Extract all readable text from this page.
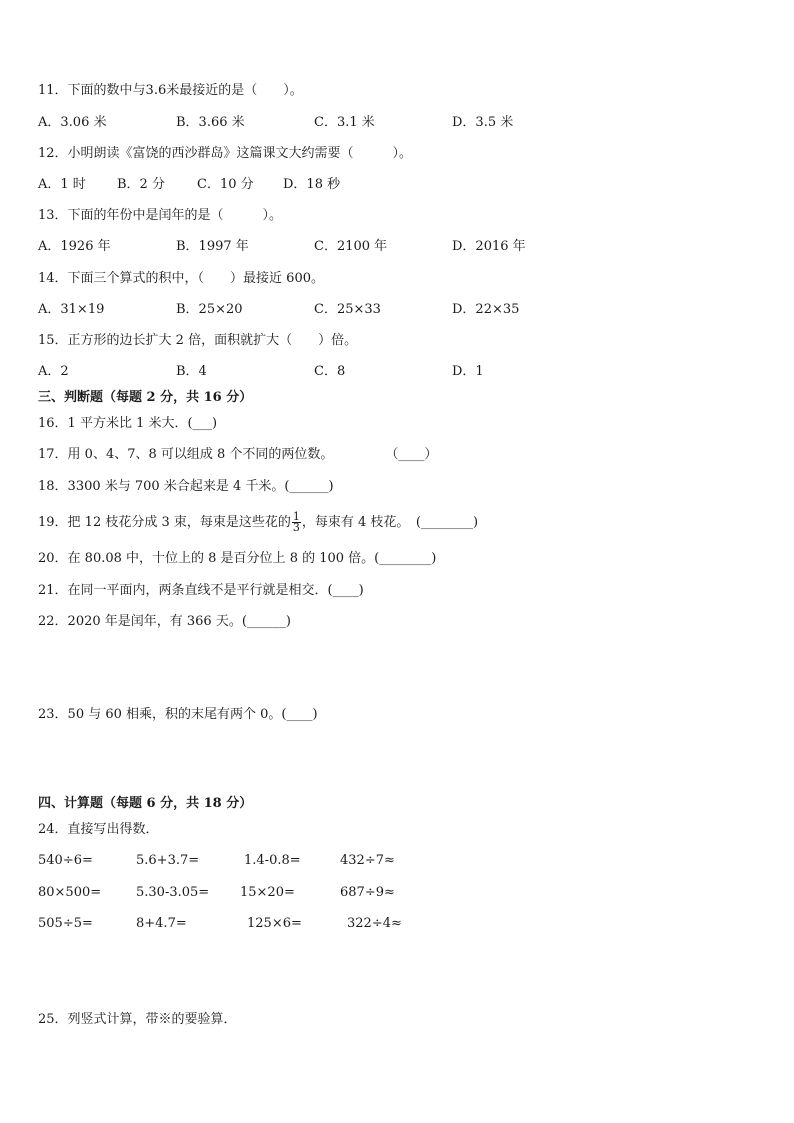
11．下面的数中与3.6米最接近的是（　　）。
A．3.06 米	B．3.66 米	C．3.1 米	D．3.5 米
12．小明朗读《富饶的西沙群岛》这篇课文大约需要（　　　）。
A．1 时 B．2 分 C．10 分 D．18 秒
13．下面的年份中是闰年的是（　　　）。
A．1926 年	B．1997 年	C．2100 年	D．2016 年
14．下面三个算式的积中，（　　）最接近 600。
A．31×19	B．25×20	C．25×33	D．22×35
15．正方形的边长扩大 2 倍，面积就扩大（　　）倍。
A．2	B．4	C．8	D．1
三、判断题（每题 2 分，共 16 分）
16．1 平方米比 1 米大．(___)
17．用 0、4、7、8 可以组成 8 个不同的两位数。　　　　　（____）
18．3300 米与 700 米合起来是 4 千米。(______)
19．把 12 枝花分成 3 束，每束是这些花的 $\frac{1}{3}$ ，每束有 4 枝花。　(________)
20．在 80.08 中，十位上的 8 是百分位上 8 的 100 倍。(________)
21．在同一平面内，两条直线不是平行就是相交．(____)
22．2020 年是闰年，有 366 天。(______)
23．50 与 60 相乘，积的末尾有两个 0。(____)
四、计算题（每题 6 分，共 18 分）
24．直接写出得数．
540÷6=	5.6+3.7=	1.4-0.8=	432÷7≈
80×500=	5.30-3.05= 15×20=	687÷9≈
505÷5=	8+4.7=	125×6=	322÷4≈
25．列竖式计算，带※的要验算．
